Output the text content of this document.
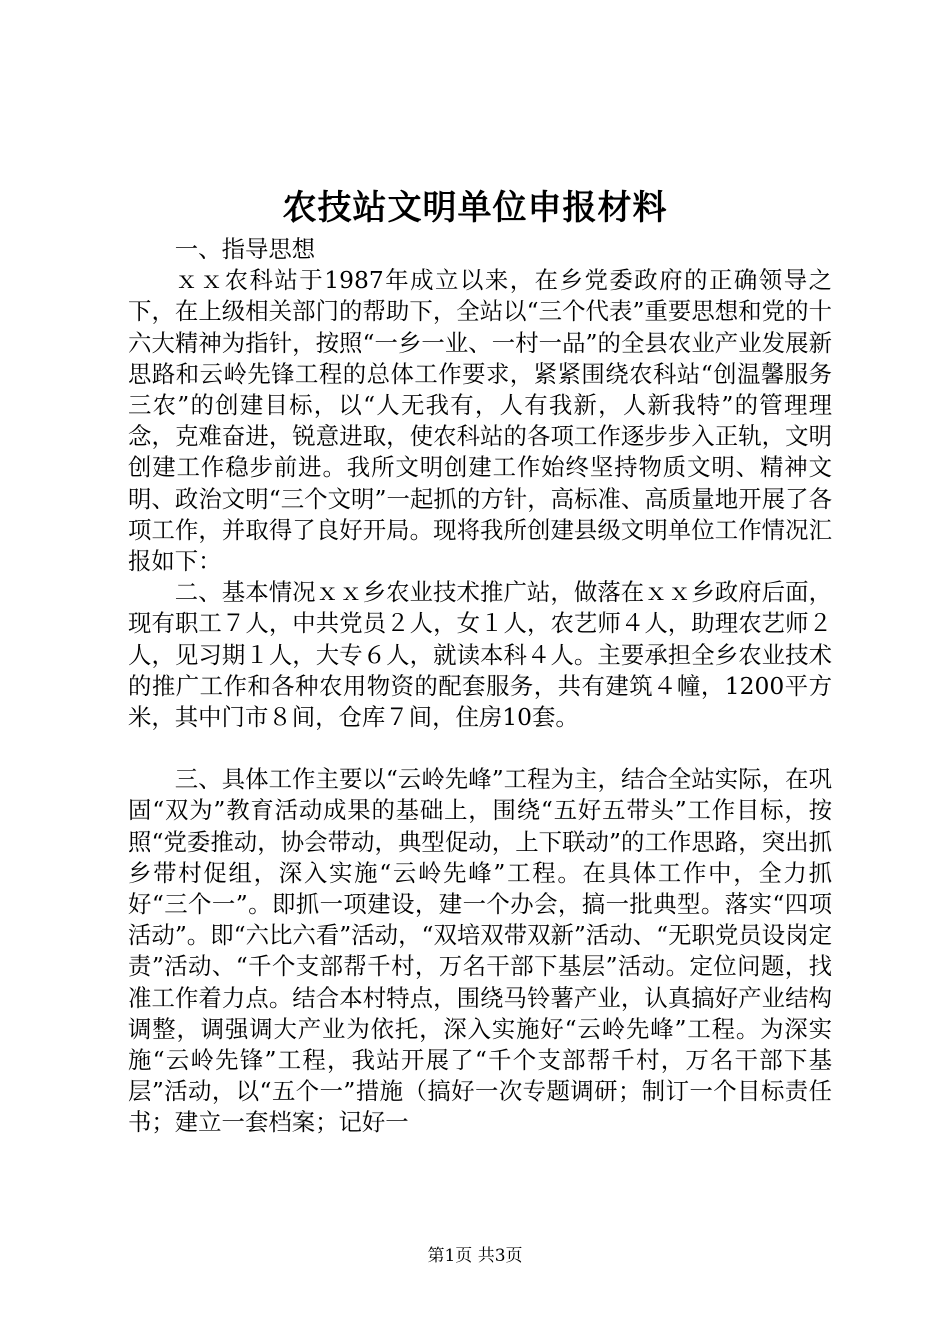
农技站文明单位申报材料

一、指导思想

ｘｘ农科站于1987年成立以来，在乡党委政府的正确领导之下，在上级相关部门的帮助下，全站以“三个代表”重要思想和党的十六大精神为指针，按照“一乡一业、一村一品”的全县农业产业发展新思路和云岭先锋工程的总体工作要求，紧紧围绕农科站“创温馨服务三农”的创建目标，以“人无我有，人有我新，人新我特”的管理理念，克难奋进，锐意进取，使农科站的各项工作逐步步入正轨，文明创建工作稳步前进。我所文明创建工作始终坚持物质文明、精神文明、政治文明“三个文明”一起抓的方针，高标准、高质量地开展了各项工作，并取得了良好开局。现将我所创建县级文明单位工作情况汇报如下：

二、基本情况ｘｘ乡农业技术推广站，做落在ｘｘ乡政府后面，现有职工７人，中共党员２人，女１人，农艺师４人，助理农艺师２人，见习期１人，大专６人，就读本科４人。主要承担全乡农业技术的推广工作和各种农用物资的配套服务，共有建筑４幢，1200平方米，其中门市８间，仓库７间，住房10套。

三、具体工作主要以“云岭先峰”工程为主，结合全站实际，在巩固“双为”教育活动成果的基础上，围绕“五好五带头”工作目标，按照“党委推动，协会带动，典型促动，上下联动”的工作思路，突出抓乡带村促组，深入实施“云岭先峰”工程。在具体工作中，全力抓好“三个一”。即抓一项建设，建一个办会，搞一批典型。落实“四项活动”。即“六比六看”活动，“双培双带双新”活动、“无职党员设岗定责”活动、“千个支部帮千村，万名干部下基层”活动。定位问题，找准工作着力点。结合本村特点，围绕马铃薯产业，认真搞好产业结构调整，调强调大产业为依托，深入实施好“云岭先峰”工程。为深实施“云岭先锋”工程，我站开展了“千个支部帮千村，万名干部下基层”活动，以“五个一”措施（搞好一次专题调研；制订一个目标责任书；建立一套档案；记好一

第1页 共3页
